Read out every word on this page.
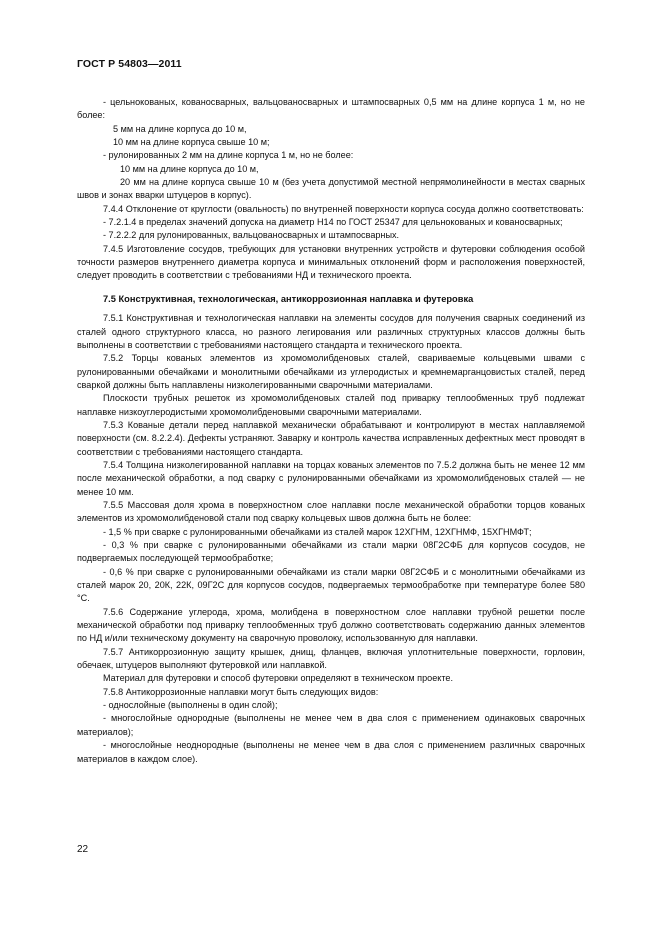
ГОСТ Р 54803—2011

- цельнокованых, кованосварных, вальцованосварных и штампосварных 0,5 мм на длине корпуса 1 м, но не более:

5 мм на длине корпуса до 10 м,

10 мм на длине корпуса свыше 10 м;

- рулонированных 2 мм на длине корпуса 1 м, но не более:

10 мм на длине корпуса до 10 м,

20 мм на длине корпуса свыше 10 м (без учета допустимой местной непрямолинейности в местах сварных швов и зонах вварки штуцеров в корпус).

7.4.4 Отклонение от круглости (овальность) по внутренней поверхности корпуса сосуда должно соответствовать:

- 7.2.1.4 в пределах значений допуска на диаметр Н14 по ГОСТ 25347 для цельнокованых и кованосварных;

- 7.2.2.2 для рулонированных, вальцованосварных и штампосварных.

7.4.5 Изготовление сосудов, требующих для установки внутренних устройств и футеровки соблюдения особой точности размеров внутреннего диаметра корпуса и минимальных отклонений форм и расположения поверхностей, следует проводить в соответствии с требованиями НД и технического проекта.

7.5 Конструктивная, технологическая, антикоррозионная наплавка и футеровка

7.5.1 Конструктивная и технологическая наплавки на элементы сосудов для получения сварных соединений из сталей одного структурного класса, но разного легирования или различных структурных классов должны быть выполнены в соответствии с требованиями настоящего стандарта и технического проекта.

7.5.2 Торцы кованых элементов из хромомолибденовых сталей, свариваемые кольцевыми швами с рулонированными обечайками и монолитными обечайками из углеродистых и кремнемарганцовистых сталей, перед сваркой должны быть наплавлены низколегированными сварочными материалами.

Плоскости трубных решеток из хромомолибденовых сталей под приварку теплообменных труб подлежат наплавке низкоуглеродистыми хромомолибденовыми сварочными материалами.

7.5.3 Кованые детали перед наплавкой механически обрабатывают и контролируют в местах наплавляемой поверхности (см. 8.2.2.4). Дефекты устраняют. Заварку и контроль качества исправленных дефектных мест проводят в соответствии с требованиями настоящего стандарта.

7.5.4 Толщина низколегированной наплавки на торцах кованых элементов по 7.5.2 должна быть не менее 12 мм после механической обработки, а под сварку с рулонированными обечайками из хромомолибденовых сталей — не менее 10 мм.

7.5.5 Массовая доля хрома в поверхностном слое наплавки после механической обработки торцов кованых элементов из хромомолибденовой стали под сварку кольцевых швов должна быть не более:

- 1,5 % при сварке с рулонированными обечайками из сталей марок 12ХГНМ, 12ХГНМФ, 15ХГНМФТ;

- 0,3 % при сварке с рулонированными обечайками из стали марки 08Г2СФБ для корпусов сосудов, не подвергаемых последующей термообработке;

- 0,6 % при сварке с рулонированными обечайками из стали марки 08Г2СФБ и с монолитными обечайками из сталей марок 20, 20К, 22К, 09Г2С для корпусов сосудов, подвергаемых термообработке при температуре более 580 °С.

7.5.6 Содержание углерода, хрома, молибдена в поверхностном слое наплавки трубной решетки после механической обработки под приварку теплообменных труб должно соответствовать содержанию данных элементов по НД и/или техническому документу на сварочную проволоку, использованную для наплавки.

7.5.7 Антикоррозионную защиту крышек, днищ, фланцев, включая уплотнительные поверхности, горловин, обечаек, штуцеров выполняют футеровкой или наплавкой.

Материал для футеровки и способ футеровки определяют в техническом проекте.

7.5.8 Антикоррозионные наплавки могут быть следующих видов:

- однослойные (выполнены в один слой);

- многослойные однородные (выполнены не менее чем в два слоя с применением одинаковых сварочных материалов);

- многослойные неоднородные (выполнены не менее чем в два слоя с применением различных сварочных материалов в каждом слое).

22
